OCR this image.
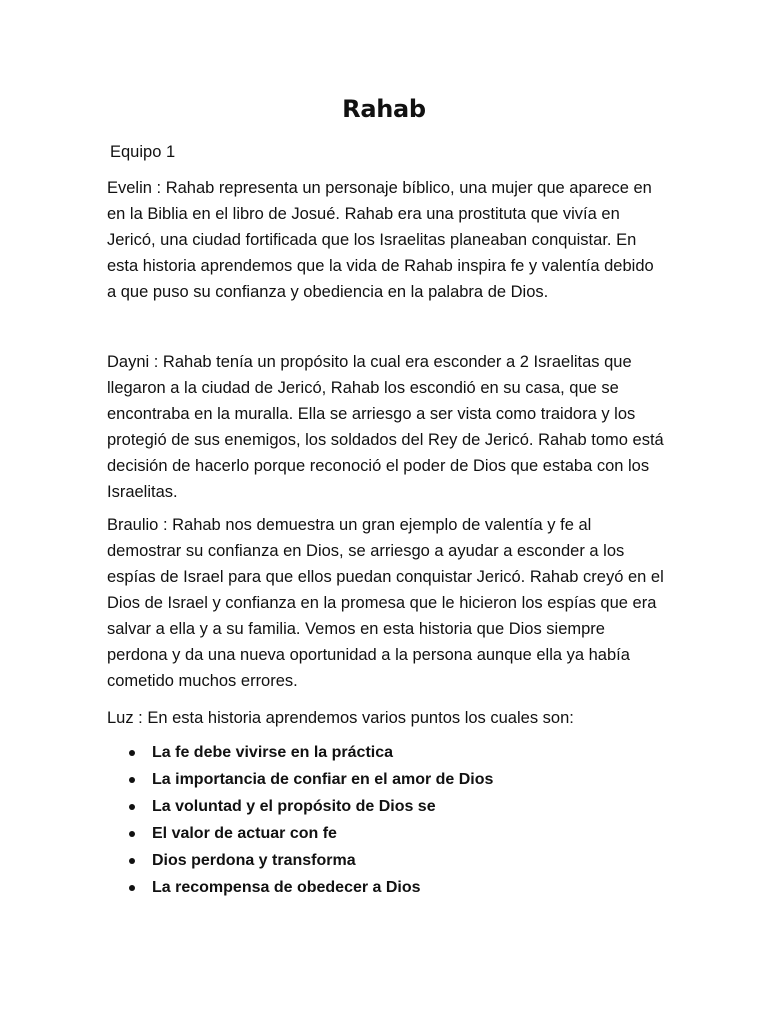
Rahab

Equipo 1

Evelin : Rahab representa un personaje bíblico, una mujer que aparece en en la Biblia en el libro de Josué. Rahab era una prostituta que vivía en Jericó, una ciudad fortificada que los Israelitas planeaban conquistar. En esta historia aprendemos que la vida de Rahab inspira fe y valentía debido a que puso su confianza y obediencia en la palabra de Dios.

Dayni : Rahab tenía un propósito la cual era esconder a 2 Israelitas que llegaron a la ciudad de Jericó, Rahab los escondió en su casa, que se encontraba en la muralla. Ella se arriesgo a ser vista como traidora y los protegió de sus enemigos, los soldados del Rey de Jericó. Rahab tomo está decisión de hacerlo porque reconoció el poder de Dios que estaba con los Israelitas.

Braulio : Rahab nos demuestra un gran ejemplo de valentía y fe al demostrar su confianza en Dios, se arriesgo a ayudar a esconder a los espías de Israel para que ellos puedan conquistar Jericó. Rahab creyó en el Dios de Israel y confianza en la promesa que le hicieron los espías que era salvar a ella y a su familia. Vemos en esta historia que Dios siempre perdona y da una nueva oportunidad a la persona aunque ella ya había cometido muchos errores.

Luz : En esta historia aprendemos varios puntos los cuales son:

La fe debe vivirse en la práctica
La importancia de confiar en el amor de Dios
La voluntad y el propósito de Dios se
El valor de actuar con fe
Dios perdona y transforma
La recompensa de obedecer a Dios
